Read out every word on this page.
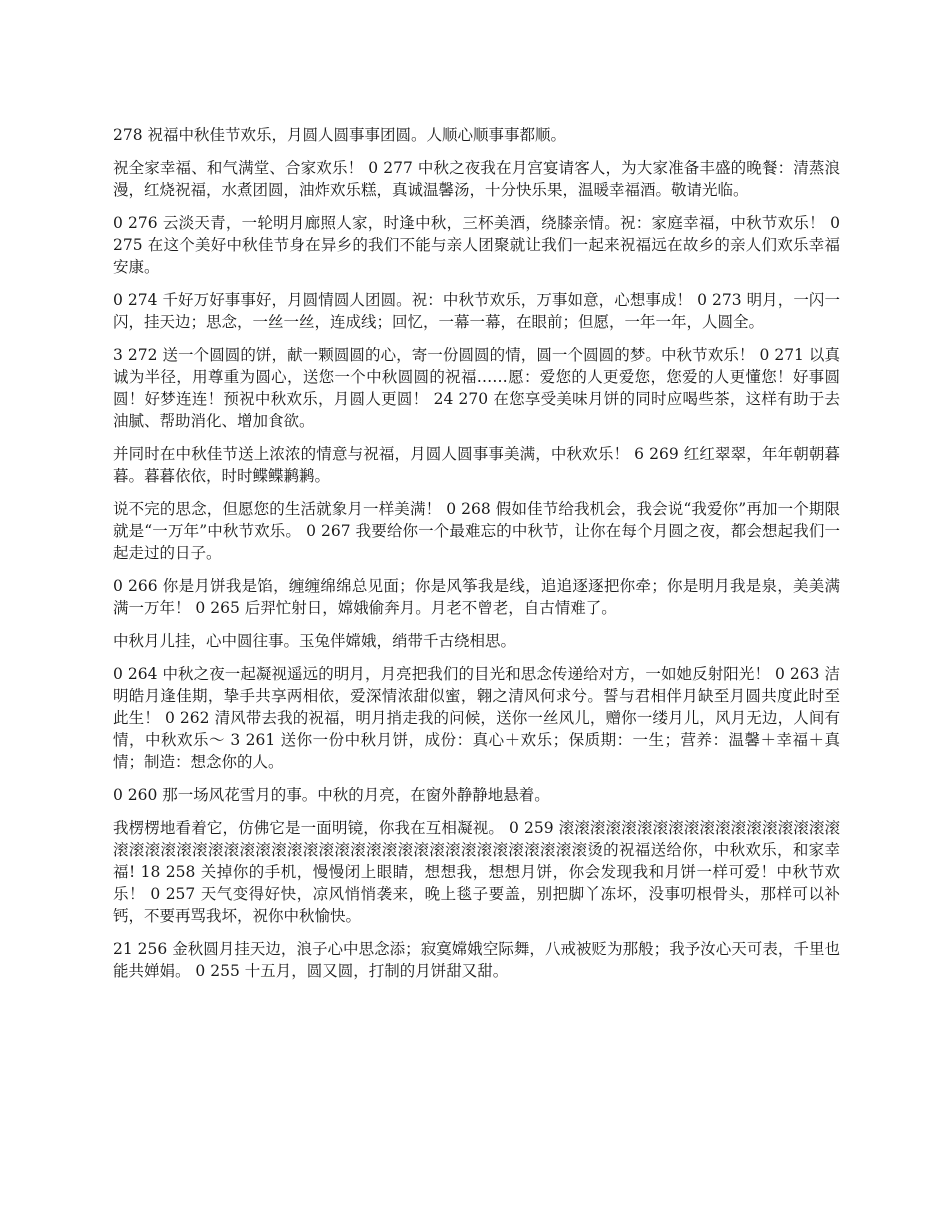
278 祝福中秋佳节欢乐，月圆人圆事事团圆。人顺心顺事事都顺。

祝全家幸福、和气满堂、合家欢乐！ 0 277 中秋之夜我在月宫宴请客人，为大家准备丰盛的晚餐：清蒸浪漫，红烧祝福，水煮团圆，油炸欢乐糕，真诚温馨汤，十分快乐果，温暖幸福酒。敬请光临。

0 276 云淡天青，一轮明月廊照人家，时逢中秋，三杯美酒，绕膝亲情。祝：家庭幸福，中秋节欢乐！ 0 275 在这个美好中秋佳节身在异乡的我们不能与亲人团聚就让我们一起来祝福远在故乡的亲人们欢乐幸福安康。

0 274 千好万好事事好，月圆情圆人团圆。祝：中秋节欢乐，万事如意，心想事成！ 0 273 明月，一闪一闪，挂天边；思念，一丝一丝，连成线；回忆，一幕一幕，在眼前；但愿，一年一年，人圆全。

3 272 送一个圆圆的饼，献一颗圆圆的心，寄一份圆圆的情，圆一个圆圆的梦。中秋节欢乐！ 0 271 以真诚为半径，用尊重为圆心，送您一个中秋圆圆的祝福……愿：爱您的人更爱您，您爱的人更懂您！好事圆圆！好梦连连！预祝中秋欢乐，月圆人更圆！ 24 270 在您享受美味月饼的同时应喝些茶，这样有助于去油腻、帮助消化、增加食欲。

并同时在中秋佳节送上浓浓的情意与祝福，月圆人圆事事美满，中秋欢乐！ 6 269 红红翠翠，年年朝朝暮暮。暮暮依依，时时鲽鲽鹣鹣。

说不完的思念，但愿您的生活就象月一样美满！ 0 268 假如佳节给我机会，我会说“我爱你”再加一个期限就是“一万年”中秋节欢乐。 0 267 我要给你一个最难忘的中秋节，让你在每个月圆之夜，都会想起我们一起走过的日子。

0 266 你是月饼我是馅，缠缠绵绵总见面；你是风筝我是线，追追逐逐把你牵；你是明月我是泉，美美满满一万年！ 0 265 后羿忙射日，嫦娥偷奔月。月老不曾老，自古情难了。

中秋月儿挂，心中圆往事。玉兔伴嫦娥，绡带千古绕相思。

0 264 中秋之夜一起凝视遥远的明月，月亮把我们的目光和思念传递给对方，一如她反射阳光！ 0 263 洁明皓月逢佳期，挚手共享两相依，爱深情浓甜似蜜，翱之清风何求兮。誓与君相伴月缺至月圆共度此时至此生！ 0 262 清风带去我的祝福，明月捎走我的问候，送你一丝风儿，赠你一缕月儿，风月无边，人间有情，中秋欢乐～ 3 261 送你一份中秋月饼，成份：真心＋欢乐；保质期：一生；营养：温馨＋幸福＋真情；制造：想念你的人。

0 260 那一场风花雪月的事。中秋的月亮，在窗外静静地悬着。

我楞楞地看着它，仿佛它是一面明镜，你我在互相凝视。 0 259 滚滚滚滚滚滚滚滚滚滚滚滚滚滚滚滚滚滚滚滚滚滚滚滚滚滚滚滚滚滚滚滚滚滚滚滚滚滚滚滚滚滚滚滚滚滚滚滚烫的祝福送给你，中秋欢乐，和家幸福! 18 258 关掉你的手机，慢慢闭上眼睛，想想我，想想月饼，你会发现我和月饼一样可爱！中秋节欢乐！ 0 257 天气变得好快，凉风悄悄袭来，晚上毯子要盖，别把脚丫冻坏，没事叨根骨头，那样可以补钙，不要再骂我坏，祝你中秋愉快。

21 256 金秋圆月挂天边，浪子心中思念添；寂寞嫦娥空际舞，八戒被贬为那般；我予汝心天可表，千里也能共婵娟。 0 255 十五月，圆又圆，打制的月饼甜又甜。
